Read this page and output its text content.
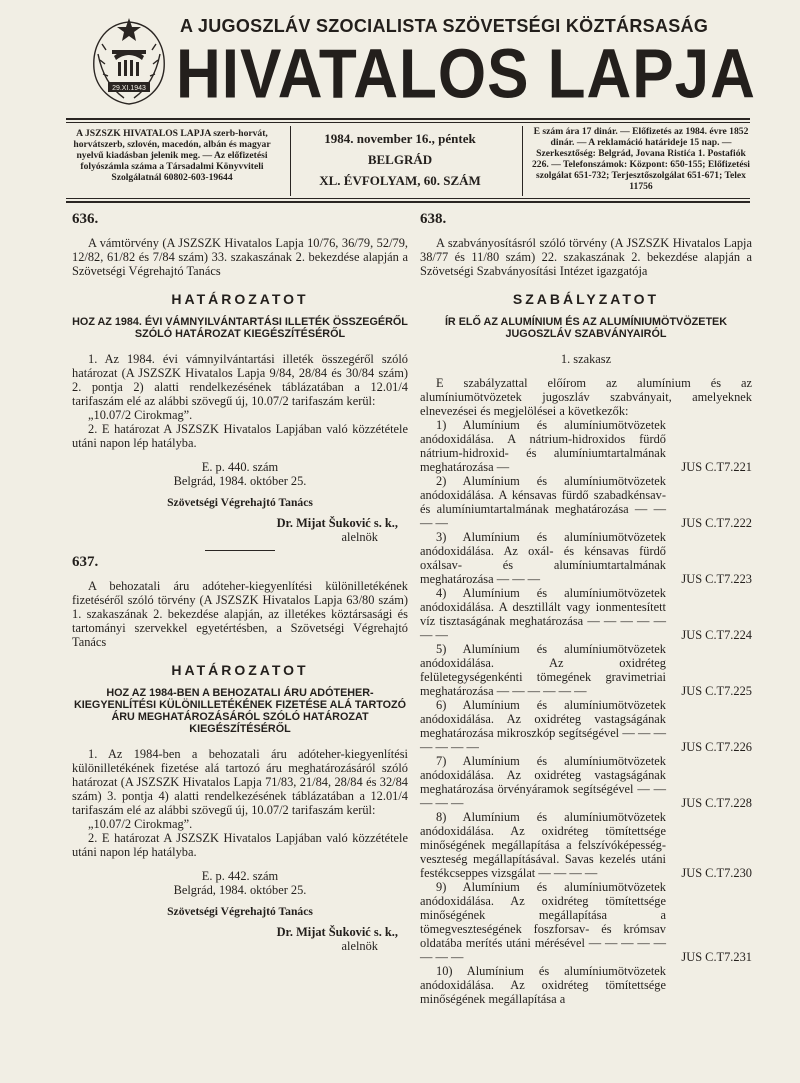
29.XI.1943
A JUGOSZLÁV SZOCIALISTA SZÖVETSÉGI KÖZTÁRSASÁG
HIVATALOS LAPJA
A JSZSZK HIVATALOS LAPJA szerb-horvát, horvátszerb, szlovén, macedón, albán és magyar nyelvű kiadásban jelenik meg. — Az előfizetési folyószámla száma a Társadalmi Könyvviteli Szolgálatnál 60802-603-19644
1984. november 16., péntek
BELGRÁD
XL. ÉVFOLYAM, 60. SZÁM
E szám ára 17 dinár. — Előfizetés az 1984. évre 1852 dinár. — A reklamáció határideje 15 nap. — Szerkesztőség: Belgrád, Jovana Ristića 1. Postafiók 226. — Telefonszámok: Központ: 650-155; Előfizetési szolgálat 651-732; Terjesztőszolgálat 651-671; Telex 11756
636.

A vámtörvény (A JSZSZK Hivatalos Lapja 10/76, 36/79, 52/79, 12/82, 61/82 és 7/84 szám) 33. szakaszának 2. bekezdése alapján a Szövetségi Végrehajtó Tanács

HATÁROZATOT
HOZ AZ 1984. ÉVI VÁMNYILVÁNTARTÁSI ILLETÉK ÖSSZEGÉRŐL SZÓLÓ HATÁROZAT KIEGÉSZÍTÉSÉRŐL

1. Az 1984. évi vámnyilvántartási illeték összegéről szóló határozat (A JSZSZK Hivatalos Lapja 9/84, 28/84 és 30/84 szám) 2. pontja 2) alatti rendelkezésének táblázatában a 12.01/4 tarifaszám elé az alábbi szövegű új, 10.07/2 tarifaszám kerül:

„10.07/2 Cirokmag”.

2. E határozat A JSZSZK Hivatalos Lapjában való közzététele utáni napon lép hatályba.

E. p. 440. szám

Belgrád, 1984. október 25.

Szövetségi Végrehajtó Tanács

Dr. Mijat Šuković s. k.,

alelnök

637.

A behozatali áru adóteher-kiegyenlítési különilletékének fizetéséről szóló törvény (A JSZSZK Hivatalos Lapja 63/80 szám) 1. szakaszának 2. bekezdése alapján, az illetékes köztársasági és tartományi szervekkel egyetértésben, a Szövetségi Végrehajtó Tanács

HATÁROZATOT
HOZ AZ 1984-BEN A BEHOZATALI ÁRU ADÓTEHER-KIEGYENLÍTÉSI KÜLÖNILLETÉKÉNEK FIZETÉSE ALÁ TARTOZÓ ÁRU MEGHATÁROZÁSÁRÓL SZÓLÓ HATÁROZAT KIEGÉSZÍTÉSÉRŐL

1. Az 1984-ben a behozatali áru adóteher-kiegyenlítési különilletékének fizetése alá tartozó áru meghatározásáról szóló határozat (A JSZSZK Hivatalos Lapja 71/83, 21/84, 28/84 és 32/84 szám) 3. pontja 4) alatti rendelkezésének táblázatában a 12.01/4 tarifaszám elé az alábbi szövegű új, 10.07/2 tarifaszám kerül:

„10.07/2 Cirokmag”.

2. E határozat A JSZSZK Hivatalos Lapjában való közzététele utáni napon lép hatályba.

E. p. 442. szám

Belgrád, 1984. október 25.

Szövetségi Végrehajtó Tanács

Dr. Mijat Šuković s. k.,

alelnök

638.

A szabványosításról szóló törvény (A JSZSZK Hivatalos Lapja 38/77 és 11/80 szám) 22. szakaszának 2. bekezdése alapján a Szövetségi Szabványosítási Intézet igazgatója

SZABÁLYZATOT
ÍR ELŐ AZ ALUMÍNIUM ÉS AZ ALUMÍNIUMÖTVÖZETEK JUGOSZLÁV SZABVÁNYAIRÓL

1. szakasz

E szabályzattal előírom az alumínium és az alumíniumötvözetek jugoszláv szabványait, amelyeknek elnevezései és megjelölései a következők:

1) Alumínium és alumíniumötvözetek anódoxidálása. A nátrium-hidroxidos fürdő nátrium-hidroxid- és alumíniumtartalmának meghatározása —	JUS C.T7.221
2) Alumínium és alumíniumötvözetek anódoxidálása. A kénsavas fürdő szabadkénsav- és alumíniumtartalmának meghatározása — — — —	JUS C.T7.222
3) Alumínium és alumíniumötvözetek anódoxidálása. Az oxál- és kénsavas fürdő oxálsav- és alumíniumtartalmának meghatározása — — —	JUS C.T7.223
4) Alumínium és alumíniumötvözetek anódoxidálása. A desztillált vagy ionmentesített víz tisztaságának meghatározása — — — — — — —	JUS C.T7.224
5) Alumínium és alumíniumötvözetek anódoxidálása. Az oxidréteg felületegységenkénti tömegének gravimetriai meghatározása — — — — — —	JUS C.T7.225
6) Alumínium és alumíniumötvözetek anódoxidálása. Az oxidréteg vastagságának meghatározása mikroszkóp segítségével — — — — — — —	JUS C.T7.226
7) Alumínium és alumíniumötvözetek anódoxidálása. Az oxidréteg vastagságának meghatározása örvényáramok segítségével — — — — —	JUS C.T7.228
8) Alumínium és alumíniumötvözetek anódoxidálása. Az oxidréteg tömítettsége minőségének megállapítása a felszívóképesség-veszteség megállapításával. Savas kezelés utáni festékcseppes vizsgálat — — — —	JUS C.T7.230
9) Alumínium és alumíniumötvözetek anódoxidálása. Az oxidréteg tömítettsége minőségének megállapítása a tömegveszteségének foszforsav- és krómsav oldatába merítés utáni mérésével — — — — — — — —	JUS C.T7.231
10) Alumínium és alumíniumötvözetek anódoxidálása. Az oxidréteg tömítettsége minőségének megállapítása a
